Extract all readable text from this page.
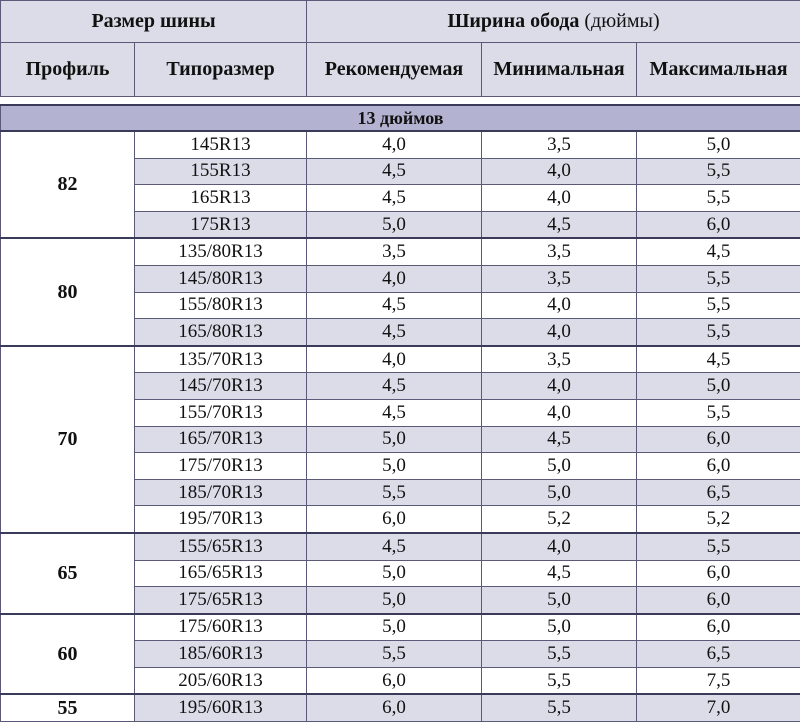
Размер шины		Ширина обода (дюймы)		
Профиль	Типоразмер	Рекомендуемая	Минимальная	Максимальная

13 дюймов				
82	145R13	4,0	3,5	5,0
	155R13	4,5	4,0	5,5
	165R13	4,5	4,0	5,5
	175R13	5,0	4,5	6,0
80	135/80R13	3,5	3,5	4,5
	145/80R13	4,0	3,5	5,5
	155/80R13	4,5	4,0	5,5
	165/80R13	4,5	4,0	5,5
70	135/70R13	4,0	3,5	4,5
	145/70R13	4,5	4,0	5,0
	155/70R13	4,5	4,0	5,5
	165/70R13	5,0	4,5	6,0
	175/70R13	5,0	5,0	6,0
	185/70R13	5,5	5,0	6,5
	195/70R13	6,0	5,2	5,2
65	155/65R13	4,5	4,0	5,5
	165/65R13	5,0	4,5	6,0
	175/65R13	5,0	5,0	6,0
60	175/60R13	5,0	5,0	6,0
	185/60R13	5,5	5,5	6,5
	205/60R13	6,0	5,5	7,5
55	195/60R13	6,0	5,5	7,0
